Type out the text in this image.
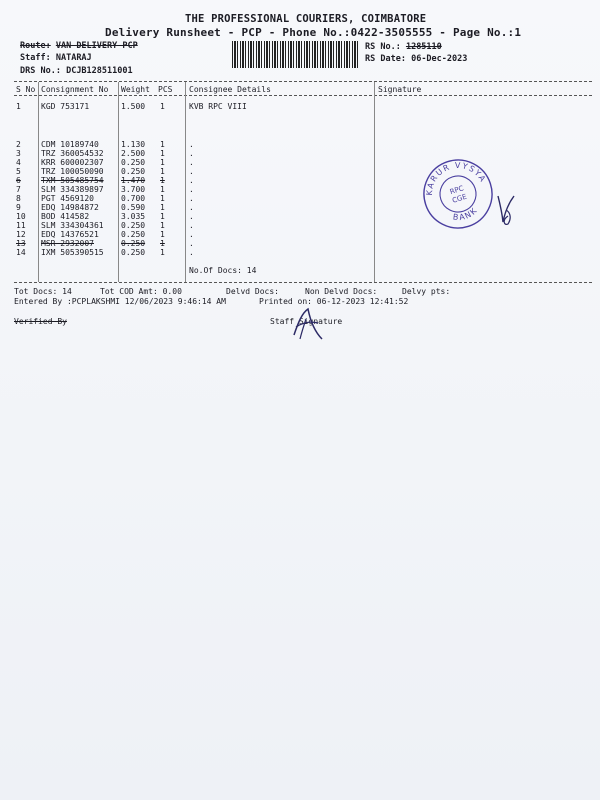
THE PROFESSIONAL COURIERS, COIMBATORE
Delivery Runsheet - PCP - Phone No.:0422-3505555 - Page No.:1
Route: VAN DELIVERY PCP
Staff: NATARAJ
DRS No.: DCJB128511001
RS No.: 1285110
RS Date: 06-Dec-2023
S No Consignment No Weight PCS Consignee Details	Signature
1	KGD 753171	1.500 1	KVB RPC VIII
2	CDM 10189740	1.130 1	.
3	TRZ 360054532 2.500 1	.
4	KRR 600002307 0.250 1	.
5	TRZ 100050090 0.250 1	.
6	TXM 505485754 1.470 1	.
7	SLM 334389897 3.700 1	.
8	PGT 4569120	0.700 1	.
9	EDQ 14984872	0.590 1	.
10 BOD 414582	3.035 1	.
11 SLM 334304361 0.250 1	.
12 EDQ 14376521	0.250 1	.
13 MSR 2932007	0.250 1	.
14 IXM 505390515 0.250 1	.
No.Of Docs: 14
KARUR VYSYA
BANK
RPC
CGE
Tot Docs: 14	Tot COD Amt: 0.00	Delvd Docs:	Non Delvd Docs:	Delvy pts:
Entered By :PCPLAKSHMI 12/06/2023 9:46:14 AM	Printed on: 06-12-2023 12:41:52
Verified By	Staff Signature
